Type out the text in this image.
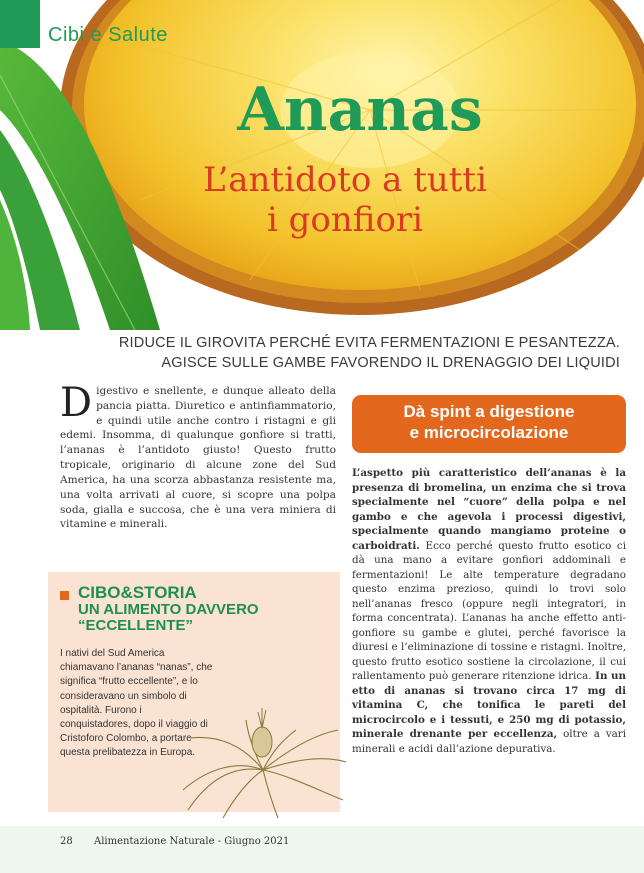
Cibi e Salute
Ananas
L’antidoto a tutti
i gonfiori
RIDUCE IL GIROVITA PERCHÉ EVITA FERMENTAZIONI E PESANTEZZA.
AGISCE SULLE GAMBE FAVORENDO IL DRENAGGIO DEI LIQUIDI
D igestivo e snellente, e dunque alleato della pancia piatta. Diuretico e antinfiammatorio, e quindi utile anche contro i ristagni e gli edemi. Insomma, di qualunque gonfiore si tratti, l’ananas è l’antidoto giusto! Questo frutto tropicale, originario di alcune zone del Sud America, ha una scorza abbastanza resistente ma, una volta arrivati al cuore, si scopre una polpa soda, gialla e succosa, che è una vera miniera di vitamine e minerali.
CIBO&STORIA
UN ALIMENTO DAVVERO
“ECCELLENTE”
I nativi del Sud America chiamavano l’ananas “nanas”, che significa “frutto eccellente”, e lo consideravano un simbolo di ospitalità. Furono i conquistadores, dopo il viaggio di Cristoforo Colombo, a portare questa prelibatezza in Europa.
Dà spint a digestione
e microcircolazione

L’aspetto più caratteristico dell’ananas è la presenza di bromelina, un enzima che si trova specialmente nel “cuore” della polpa e nel gambo e che agevola i processi digestivi, specialmente quando mangiamo proteine o carboidrati. Ecco perché questo frutto esotico ci dà una mano a evitare gonfiori addominali e fermentazioni! Le alte temperature degradano questo enzima prezioso, quindi lo trovi solo nell’ananas fresco (oppure negli integratori, in forma concentrata). L’ananas ha anche effetto anti-gonfiore su gambe e glutei, perché favorisce la diuresi e l’eliminazione di tossine e ristagni. Inoltre, questo frutto esotico sostiene la circolazione, il cui rallentamento può generare ritenzione idrica. In un etto di ananas si trovano circa 17 mg di vitamina C, che tonifica le pareti del microcircolo e i tessuti, e 250 mg di potassio, minerale drenante per eccellenza, oltre a vari minerali e acidi dall’azione depurativa.

28 Alimentazione Naturale - Giugno 2021
